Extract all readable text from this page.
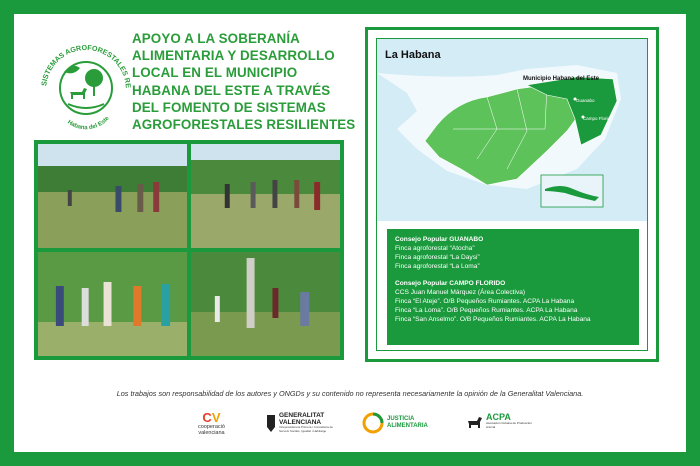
SISTEMAS AGROFORESTALES RE
Habana del Este
APOYO A LA SOBERANÍA
ALIMENTARIA Y DESARROLLO
LOCAL EN EL MUNICIPIO
HABANA DEL ESTE A TRAVÉS
DEL FOMENTO DE SISTEMAS
AGROFORESTALES RESILIENTES
La Habana
Municipio Habana del Este
Guanabo
Campo Florido
Consejo Popular GUANABO
Finca agroforestal “Atocha”
Finca agroforestal “La Daysi”
Finca agroforestal “La Loma”
Consejo Popular CAMPO FLORIDO
CCS Juan Manuel Márquez (Área Colectiva)
Finca “El Ateje”. O/B Pequeños Rumiantes. ACPA La Habana
Finca “La Loma”. O/B Pequeños Rumiantes. ACPA La Habana
Finca “San Anselmo”. O/B Pequeños Rumiantes. ACPA La Habana
Los trabajos son responsabilidad de los autores y ONGDs y su contenido no representa necesariamente la opinión de la Generalitat Valenciana.
CV
cooperació
valenciana
GENERALITAT
VALENCIANA
Vicepresidència Primera i Conselleria de Serveis Socials, Igualtat i Habitatge
JUSTICIA
ALIMENTARIA
ACPA
Asociación Cubana de Producción Animal
